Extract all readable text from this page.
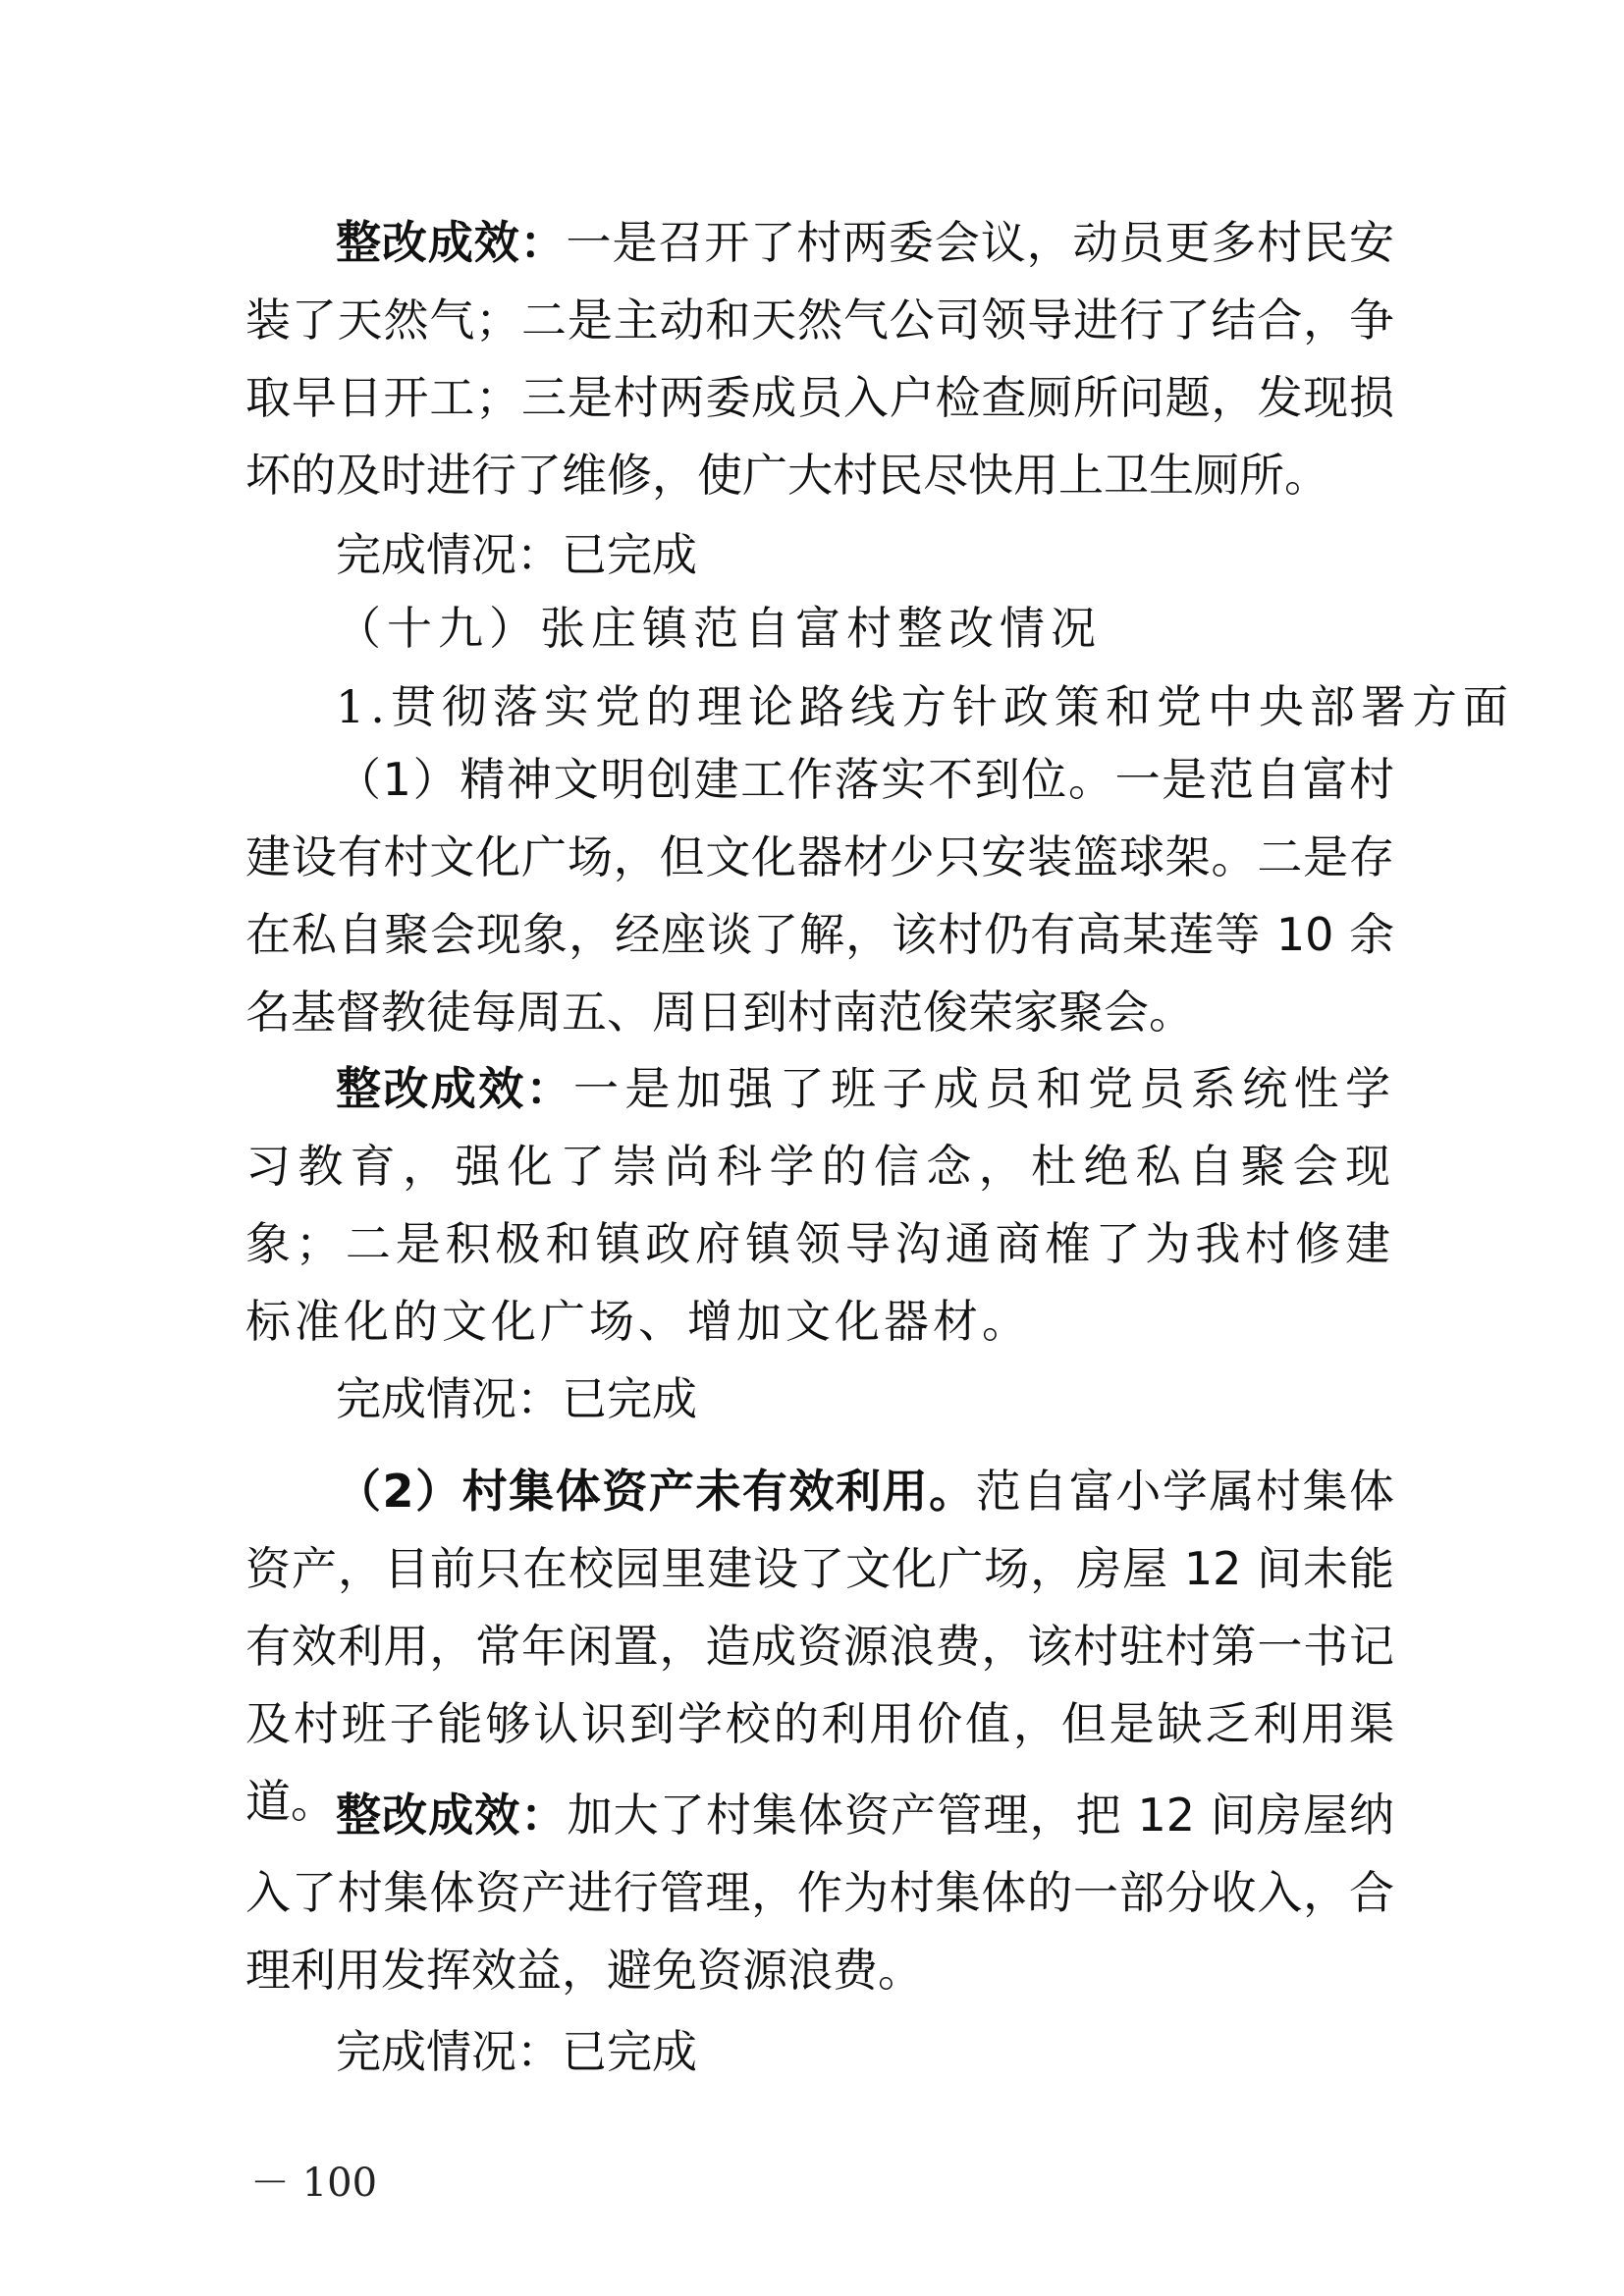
整改成效：一是召开了村两委会议，动员更多村民安装了天然气；二是主动和天然气公司领导进行了结合，争取早日开工；三是村两委成员入户检查厕所问题，发现损坏的及时进行了维修，使广大村民尽快用上卫生厕所。

完成情况：已完成

（十九）张庄镇范自富村整改情况

1.贯彻落实党的理论路线方针政策和党中央部署方面

（1）精神文明创建工作落实不到位。一是范自富村建设有村文化广场，但文化器材少只安装篮球架。二是存在私自聚会现象，经座谈了解，该村仍有高某莲等 10 余名基督教徒每周五、周日到村南范俊荣家聚会。

整改成效：一是加强了班子成员和党员系统性学习教育，强化了崇尚科学的信念，杜绝私自聚会现象；二是积极和镇政府镇领导沟通商榷了为我村修建标准化的文化广场、增加文化器材。

完成情况：已完成

（2）村集体资产未有效利用。范自富小学属村集体资产，目前只在校园里建设了文化广场，房屋 12 间未能有效利用，常年闲置，造成资源浪费，该村驻村第一书记及村班子能够认识到学校的利用价值，但是缺乏利用渠道。 整改成效：加大了村集体资产管理，把 12 间房屋纳入了村集体资产进行管理，作为村集体的一部分收入，合理利用发挥效益，避免资源浪费。

完成情况：已完成

－ 100
